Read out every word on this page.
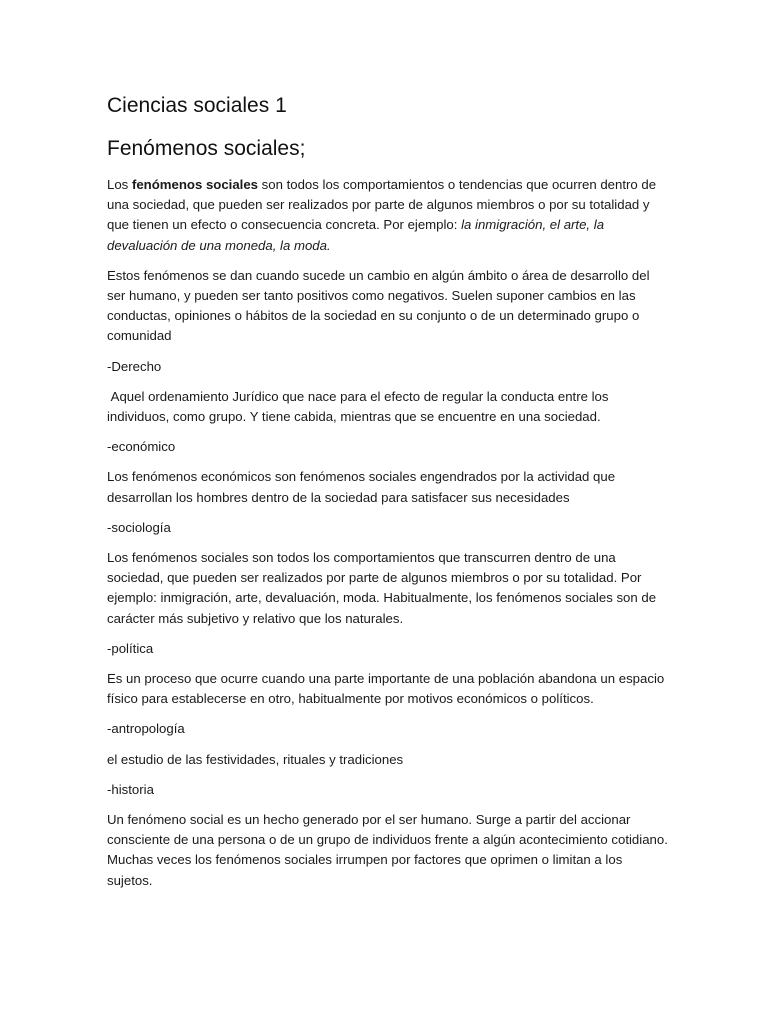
Ciencias sociales 1
Fenómenos sociales;

Los fenómenos sociales son todos los comportamientos o tendencias que ocurren dentro de una sociedad, que pueden ser realizados por parte de algunos miembros o por su totalidad y que tienen un efecto o consecuencia concreta. Por ejemplo: la inmigración, el arte, la devaluación de una moneda, la moda.

Estos fenómenos se dan cuando sucede un cambio en algún ámbito o área de desarrollo del ser humano, y pueden ser tanto positivos como negativos. Suelen suponer cambios en las conductas, opiniones o hábitos de la sociedad en su conjunto o de un determinado grupo o comunidad

-Derecho

Aquel ordenamiento Jurídico que nace para el efecto de regular la conducta entre los individuos, como grupo. Y tiene cabida, mientras que se encuentre en una sociedad.

-económico

Los fenómenos económicos son fenómenos sociales engendrados por la actividad que desarrollan los hombres dentro de la sociedad para satisfacer sus necesidades

-sociología

Los fenómenos sociales son todos los comportamientos que transcurren dentro de una sociedad, que pueden ser realizados por parte de algunos miembros o por su totalidad. Por ejemplo: inmigración, arte, devaluación, moda. Habitualmente, los fenómenos sociales son de carácter más subjetivo y relativo que los naturales.

-política

Es un proceso que ocurre cuando una parte importante de una población abandona un espacio físico para establecerse en otro, habitualmente por motivos económicos o políticos.

-antropología

el estudio de las festividades, rituales y tradiciones

-historia

Un fenómeno social es un hecho generado por el ser humano. Surge a partir del accionar consciente de una persona o de un grupo de individuos frente a algún acontecimiento cotidiano. Muchas veces los fenómenos sociales irrumpen por factores que oprimen o limitan a los sujetos.
